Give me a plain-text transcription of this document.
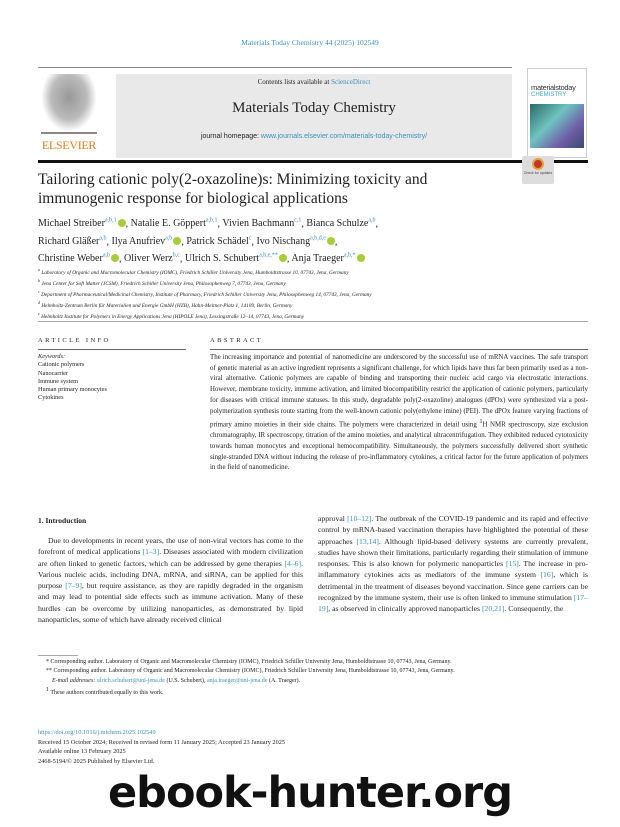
Materials Today Chemistry 44 (2025) 102549
ELSEVIER
Contents lists available at ScienceDirect
Materials Today Chemistry
journal homepage: www.journals.elsevier.com/materials-today-chemistry/
materialstoday
CHEMISTRY
Check for updates
Tailoring cationic poly(2-oxazoline)s: Minimizing toxicity and immunogenic response for biological applications
Michael Streiber$^{a,b,1}$ , Natalie E. Göppert$^{a,b,1}$, Vivien Bachmann$^{c,1}$, Bianca Schulze$^{a,b}$,
Richard Gläßer$^{a,b}$, Ilya Anufriev$^{a,b}$ , Patrick Schädel$^c$, Ivo Nischang$^{a,b,d,e}$ ,
Christine Weber$^{a,b}$ , Oliver Werz$^{b,c}$, Ulrich S. Schubert$^{a,b,e,**}$ , Anja Traeger$^{a,b,*}$
$^a$ Laboratory of Organic and Macromolecular Chemistry (IOMC), Friedrich Schiller University Jena, Humboldtstrasse 10, 07743, Jena, Germany
$^b$ Jena Center for Soft Matter (JCSM), Friedrich Schiller University Jena, Philosophenweg 7, 07743, Jena, Germany
$^c$ Department of Pharmaceutical/Medicinal Chemistry, Institute of Pharmacy, Friedrich Schiller University Jena, Philosophenweg 14, 07743, Jena, Germany
$^d$ Helmholtz-Zentrum Berlin für Materialien und Energie GmbH (HZB), Hahn-Meitner-Platz 1, 14109, Berlin, Germany
$^e$ Helmholtz Institute for Polymers in Energy Applications Jena (HIPOLE Jena), Lessingstraße 12–14, 07743, Jena, Germany
ARTICLE INFO
Keywords:
Cationic polymers
Nanocarrier
Immune system
Human primary monocytes
Cytokines
ABSTRACT
The increasing importance and potential of nanomedicine are underscored by the successful use of mRNA vaccines. The safe transport of genetic material as an active ingredient represents a significant challenge, for which lipids have thus far been primarily used as a non-viral alternative. Cationic polymers are capable of binding and transporting their nucleic acid cargo via electrostatic interactions. However, membrane toxicity, immune activation, and limited biocompatibility restrict the application of cationic polymers, particularly for diseases with critical immune statuses. In this study, degradable poly(2-oxazoline) analogues (dPOx) were synthesized via a post-polymerization synthesis route starting from the well-known cationic poly(ethylene imine) (PEI). The dPOx feature varying fractions of primary amino moieties in their side chains. The polymers were characterized in detail using $^1$H NMR spectroscopy, size exclusion chromatography, IR spectroscopy, titration of the amino moieties, and analytical ultracentrifugation. They exhibited reduced cytotoxicity towards human monocytes and exceptional hemocompatibility. Simultaneously, the polymers successfully delivered short synthetic single-stranded DNA without inducing the release of pro-inflammatory cytokines, a critical factor for the future application of polymers in the field of nanomedicine.
1. Introduction
Due to developments in recent years, the use of non-viral vectors has come to the forefront of medical applications [1–3]. Diseases associated with modern civilization are often linked to genetic factors, which can be addressed by gene therapies [4–6]. Various nucleic acids, including DNA, mRNA, and siRNA, can be applied for this purpose [7–9], but require assistance, as they are rapidly degraded in the organism and may lead to potential side effects such as immune activation. Many of these hurdles can be overcome by utilizing nanoparticles, as demonstrated by lipid nanoparticles, some of which have already received clinical
approval [10–12]. The outbreak of the COVID-19 pandemic and its rapid and effective control by mRNA-based vaccination therapies have highlighted the potential of these approaches [13,14]. Although lipid-based delivery systems are currently prevalent, studies have shown their limitations, particularly regarding their stimulation of immune responses. This is also known for polymeric nanoparticles [15]. The increase in pro-inflammatory cytokines acts as mediators of the immune system [16], which is detrimental in the treatment of diseases beyond vaccination. Since gene carriers can be recognized by the immune system, their use is often linked to immune stimulation [17–19], as observed in clinically approved nanoparticles [20,21]. Consequently, the
* Corresponding author. Laboratory of Organic and Macromolecular Chemistry (IOMC), Friedrich Schiller University Jena, Humboldtstrasse 10, 07743, Jena, Germany.
** Corresponding author. Laboratory of Organic and Macromolecular Chemistry (IOMC), Friedrich Schiller University Jena, Humboldtstrasse 10, 07743, Jena, Germany.
E-mail addresses: ulrich.schubert@uni-jena.de (U.S. Schubert), anja.traeger@uni-jena.de (A. Traeger).
$^1$ These authors contributed equally to this work.
https://doi.org/10.1016/j.mtchem.2025.102549
Received 15 October 2024; Received in revised form 11 January 2025; Accepted 23 January 2025
Available online 13 February 2025
2468-5194/© 2025 Published by Elsevier Ltd.
ebook-hunter.org
